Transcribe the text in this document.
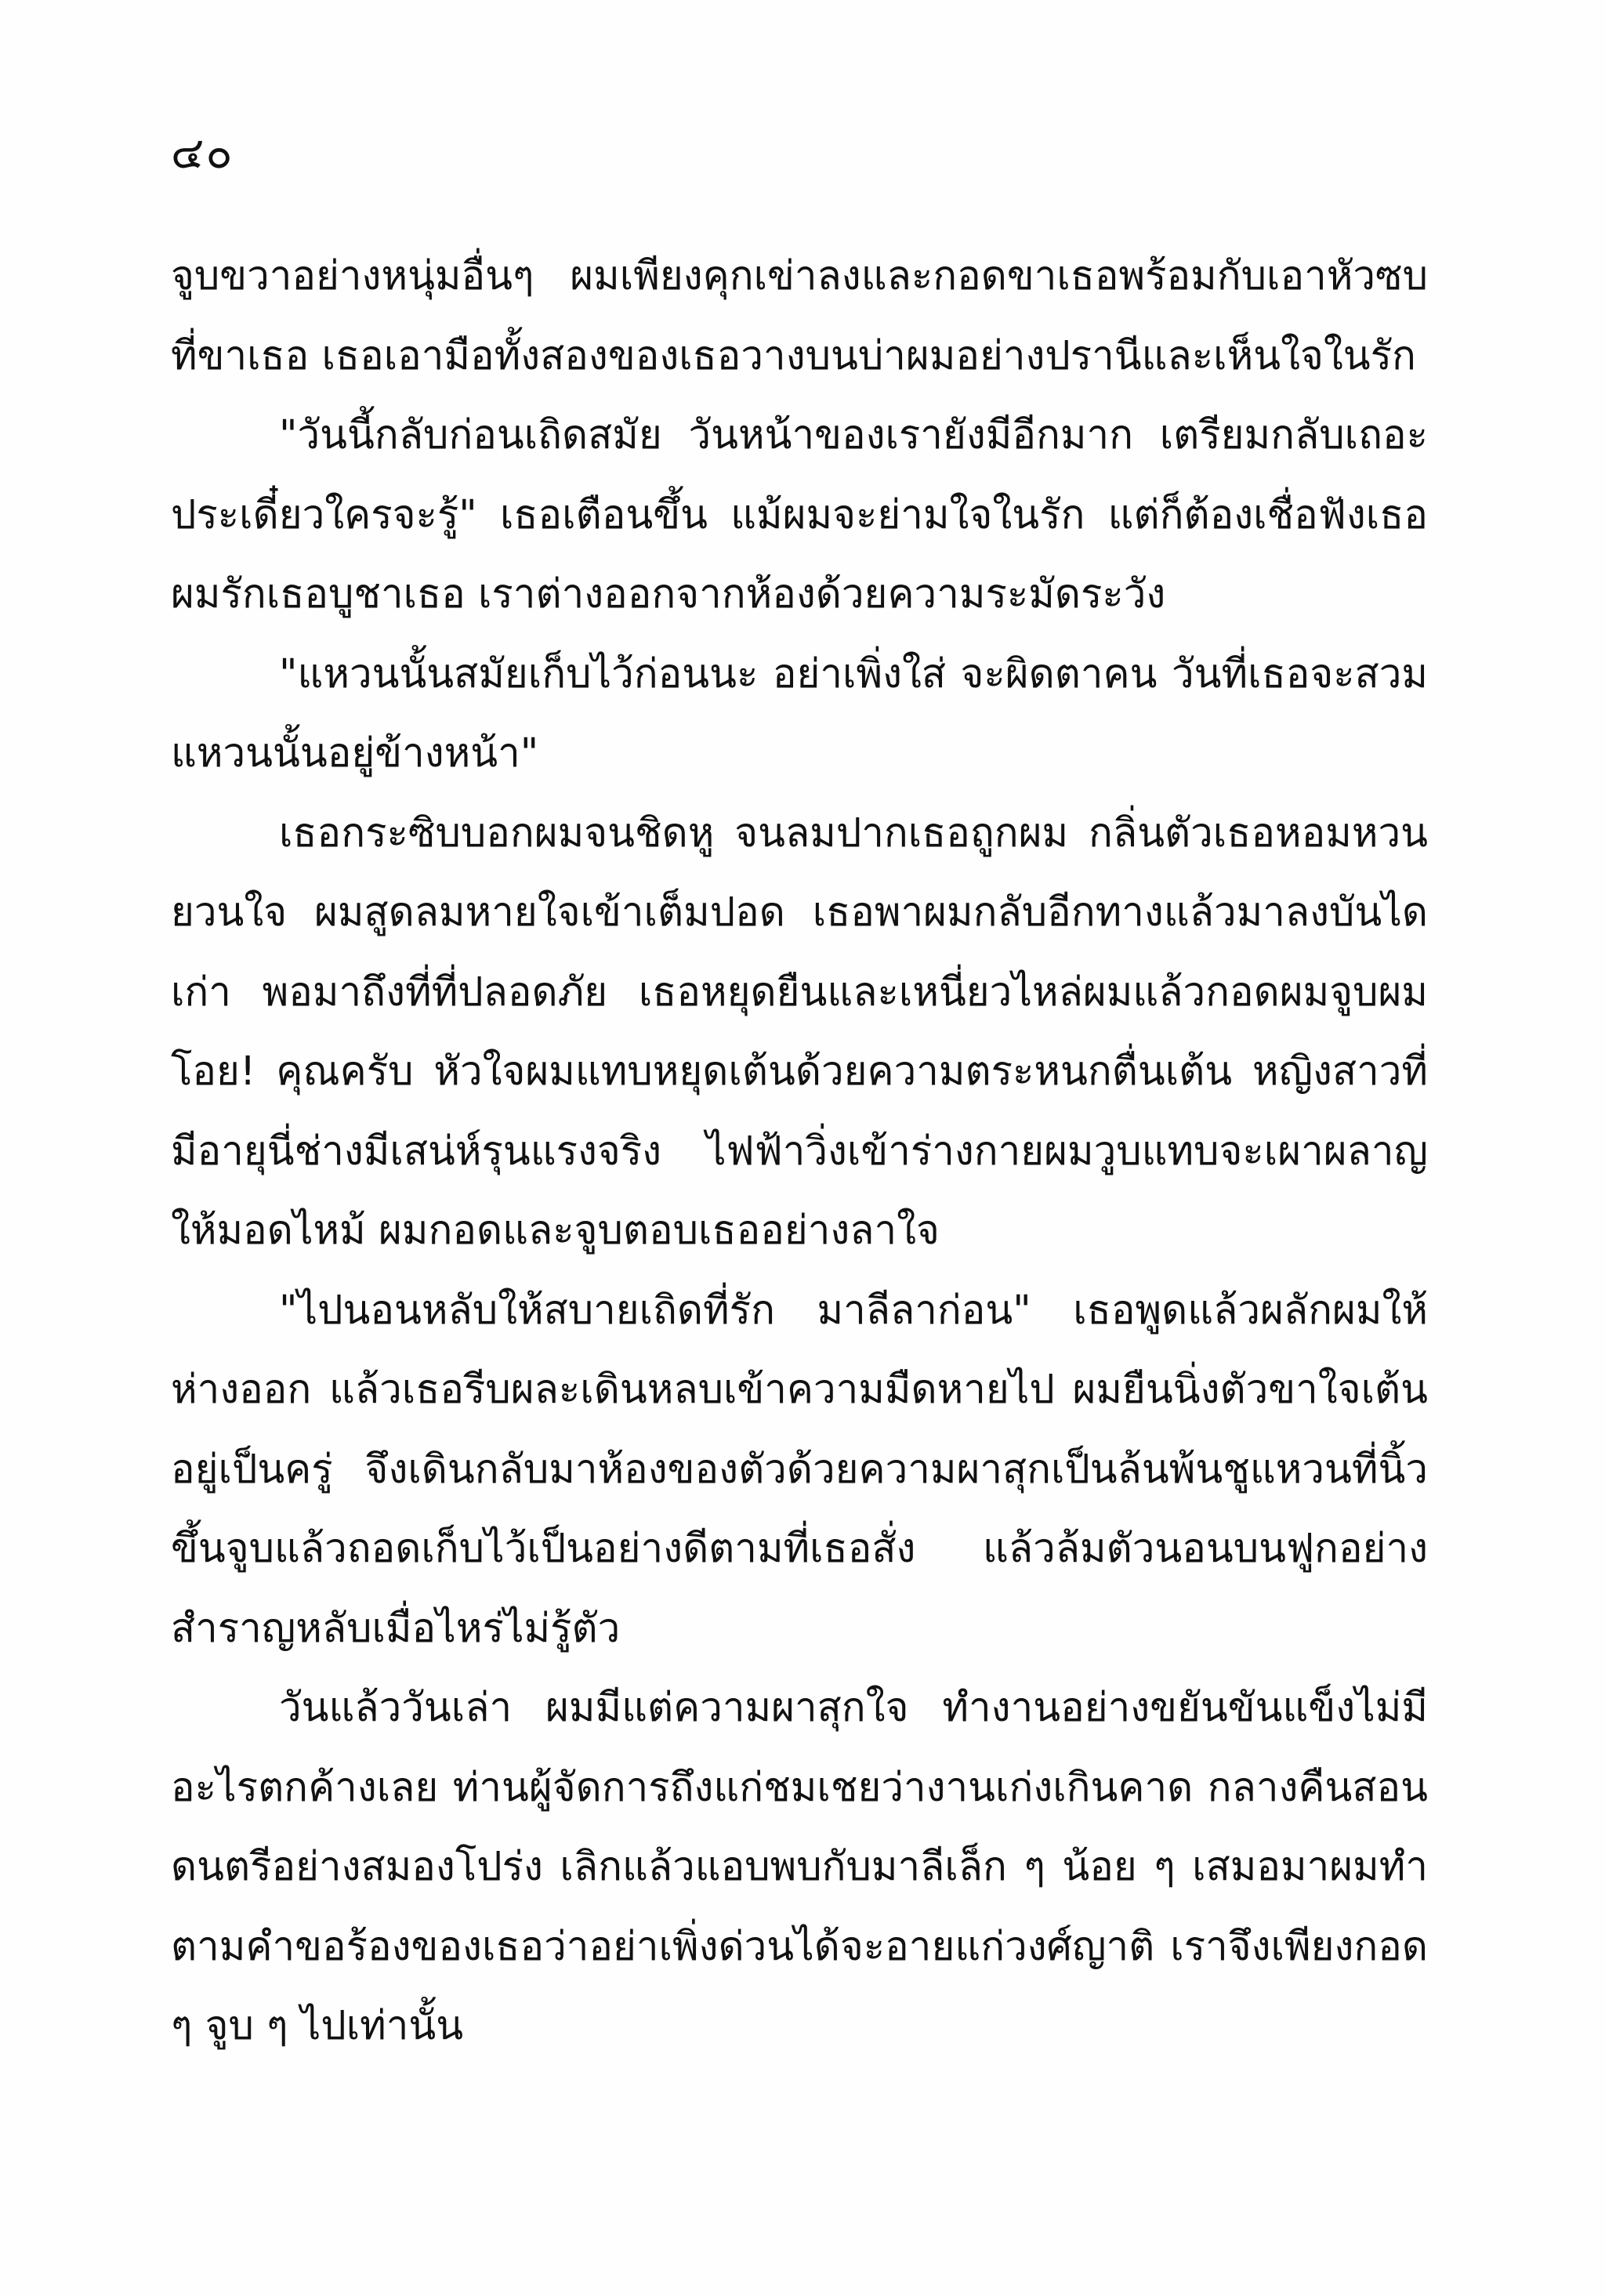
๔๐

จูบขวาอย่างหนุ่มอื่นๆ ผมเพียงคุกเข่าลงและกอดขาเธอพร้อมกับเอาหัวซบที่ขาเธอ เธอเอามือทั้งสองของเธอวางบนบ่าผมอย่างปรานีและเห็นใจในรัก

"วันนี้กลับก่อนเถิดสมัย วันหน้าของเรายังมีอีกมาก เตรียมกลับเถอะประเดี๋ยวใครจะรู้" เธอเตือนขึ้น แม้ผมจะย่ามใจในรัก แต่ก็ต้องเชื่อฟังเธอ ผมรักเธอบูชาเธอ เราต่างออกจากห้องด้วยความระมัดระวัง

"แหวนนั้นสมัยเก็บไว้ก่อนนะ อย่าเพิ่งใส่ จะผิดตาคน วันที่เธอจะสวมแหวนนั้นอยู่ข้างหน้า"

เธอกระซิบบอกผมจนชิดหู จนลมปากเธอถูกผม กลิ่นตัวเธอหอมหวนยวนใจ ผมสูดลมหายใจเข้าเต็มปอด เธอพาผมกลับอีกทางแล้วมาลงบันไดเก่า พอมาถึงที่ที่ปลอดภัย เธอหยุดยืนและเหนี่ยวไหล่ผมแล้วกอดผมจูบผม โอย! คุณครับ หัวใจผมแทบหยุดเต้นด้วยความตระหนกตื่นเต้น หญิงสาวที่มีอายุนี่ช่างมีเสน่ห์รุนแรงจริง ไฟฟ้าวิ่งเข้าร่างกายผมวูบแทบจะเผาผลาญให้มอดไหม้ ผมกอดและจูบตอบเธออย่างลาใจ

"ไปนอนหลับให้สบายเถิดที่รัก มาลีลาก่อน" เธอพูดแล้วผลักผมให้ห่างออก แล้วเธอรีบผละเดินหลบเข้าความมืดหายไป ผมยืนนิ่งตัวขาใจเต้นอยู่เป็นครู่ จึงเดินกลับมาห้องของตัวด้วยความผาสุกเป็นล้นพ้นชูแหวนที่นิ้วขึ้นจูบแล้วถอดเก็บไว้เป็นอย่างดีตามที่เธอสั่ง แล้วล้มตัวนอนบนฟูกอย่างสำราญหลับเมื่อไหร่ไม่รู้ตัว

วันแล้ววันเล่า ผมมีแต่ความผาสุกใจ ทำงานอย่างขยันขันแข็งไม่มีอะไรตกค้างเลย ท่านผู้จัดการถึงแก่ชมเชยว่างานเก่งเกินคาด กลางคืนสอนดนตรีอย่างสมองโปร่ง เลิกแล้วแอบพบกับมาลีเล็ก ๆ น้อย ๆ เสมอมาผมทำตามคำขอร้องของเธอว่าอย่าเพิ่งด่วนได้จะอายแก่วงศ์ญาติ เราจึงเพียงกอด ๆ จูบ ๆ ไปเท่านั้น
